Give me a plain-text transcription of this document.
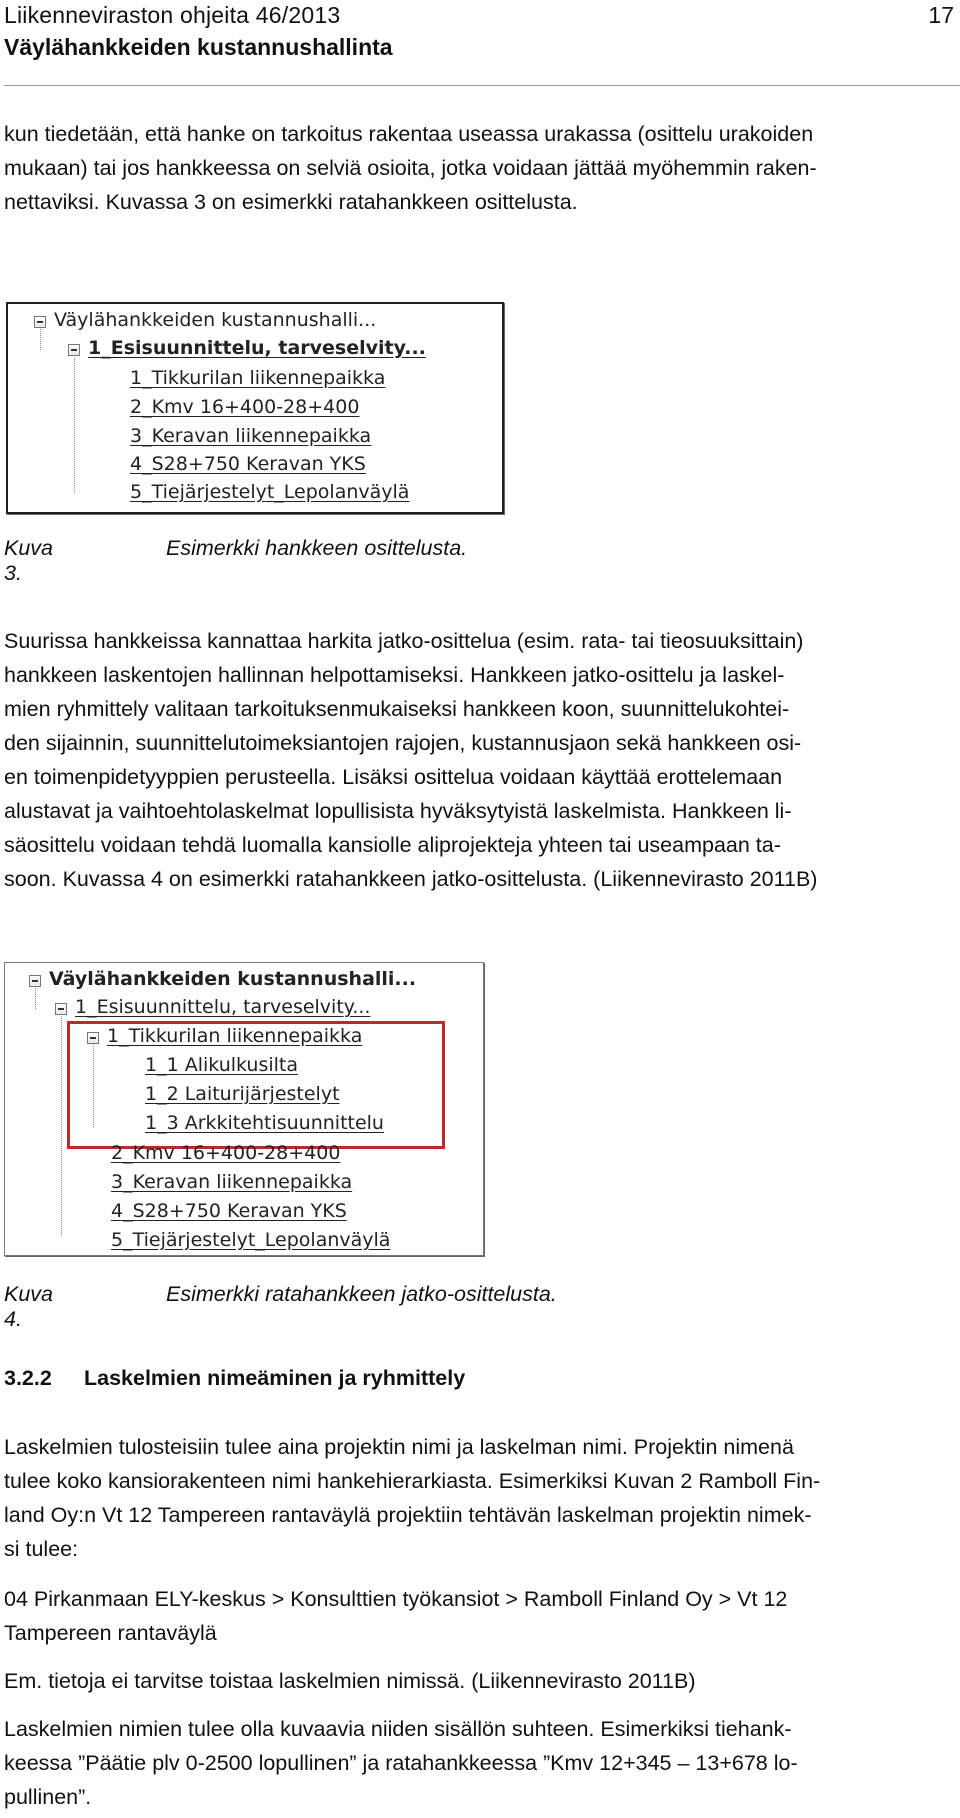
Liikenneviraston ohjeita 46/2013
Väylähankkeiden kustannushallinta
17
kun tiedetään, että hanke on tarkoitus rakentaa useassa urakassa (osittelu urakoiden
mukaan) tai jos hankkeessa on selviä osioita, jotka voidaan jättää myöhemmin raken-
nettaviksi. Kuvassa 3 on esimerkki ratahankkeen osittelusta.
Väylähankkeiden kustannushalli...
1_Esisuunnittelu, tarveselvity...
1_Tikkurilan liikennepaikka
2_Kmv 16+400-28+400
3_Keravan liikennepaikka
4_S28+750 Keravan YKS
5_Tiejärjestelyt_Lepolanväylä
Kuva 3.
Esimerkki hankkeen osittelusta.
Suurissa hankkeissa kannattaa harkita jatko-osittelua (esim. rata- tai tieosuuksittain)
hankkeen laskentojen hallinnan helpottamiseksi. Hankkeen jatko-osittelu ja laskel-
mien ryhmittely valitaan tarkoituksenmukaiseksi hankkeen koon, suunnittelukohtei-
den sijainnin, suunnittelutoimeksiantojen rajojen, kustannusjaon sekä hankkeen osi-
en toimenpidetyyppien perusteella. Lisäksi osittelua voidaan käyttää erottelemaan
alustavat ja vaihtoehtolaskelmat lopullisista hyväksytyistä laskelmista. Hankkeen li-
säosittelu voidaan tehdä luomalla kansiolle aliprojekteja yhteen tai useampaan ta-
soon. Kuvassa 4 on esimerkki ratahankkeen jatko-osittelusta. (Liikennevirasto 2011B)
Väylähankkeiden kustannushalli...
1_Esisuunnittelu, tarveselvity...
1_Tikkurilan liikennepaikka
1_1 Alikulkusilta
1_2 Laiturijärjestelyt
1_3 Arkkitehtisuunnittelu
2_Kmv 16+400-28+400
3_Keravan liikennepaikka
4_S28+750 Keravan YKS
5_Tiejärjestelyt_Lepolanväylä
Kuva 4.
Esimerkki ratahankkeen jatko-osittelusta.
3.2.2 Laskelmien nimeäminen ja ryhmittely
Laskelmien tulosteisiin tulee aina projektin nimi ja laskelman nimi. Projektin nimenä
tulee koko kansiorakenteen nimi hankehierarkiasta. Esimerkiksi Kuvan 2 Ramboll Fin-
land Oy:n Vt 12 Tampereen rantaväylä projektiin tehtävän laskelman projektin nimek-
si tulee:
04 Pirkanmaan ELY-keskus > Konsulttien työkansiot > Ramboll Finland Oy > Vt 12
Tampereen rantaväylä
Em. tietoja ei tarvitse toistaa laskelmien nimissä. (Liikennevirasto 2011B)
Laskelmien nimien tulee olla kuvaavia niiden sisällön suhteen. Esimerkiksi tiehank-
keessa ”Päätie plv 0-2500 lopullinen” ja ratahankkeessa ”Kmv 12+345 – 13+678 lo-
pullinen”.
